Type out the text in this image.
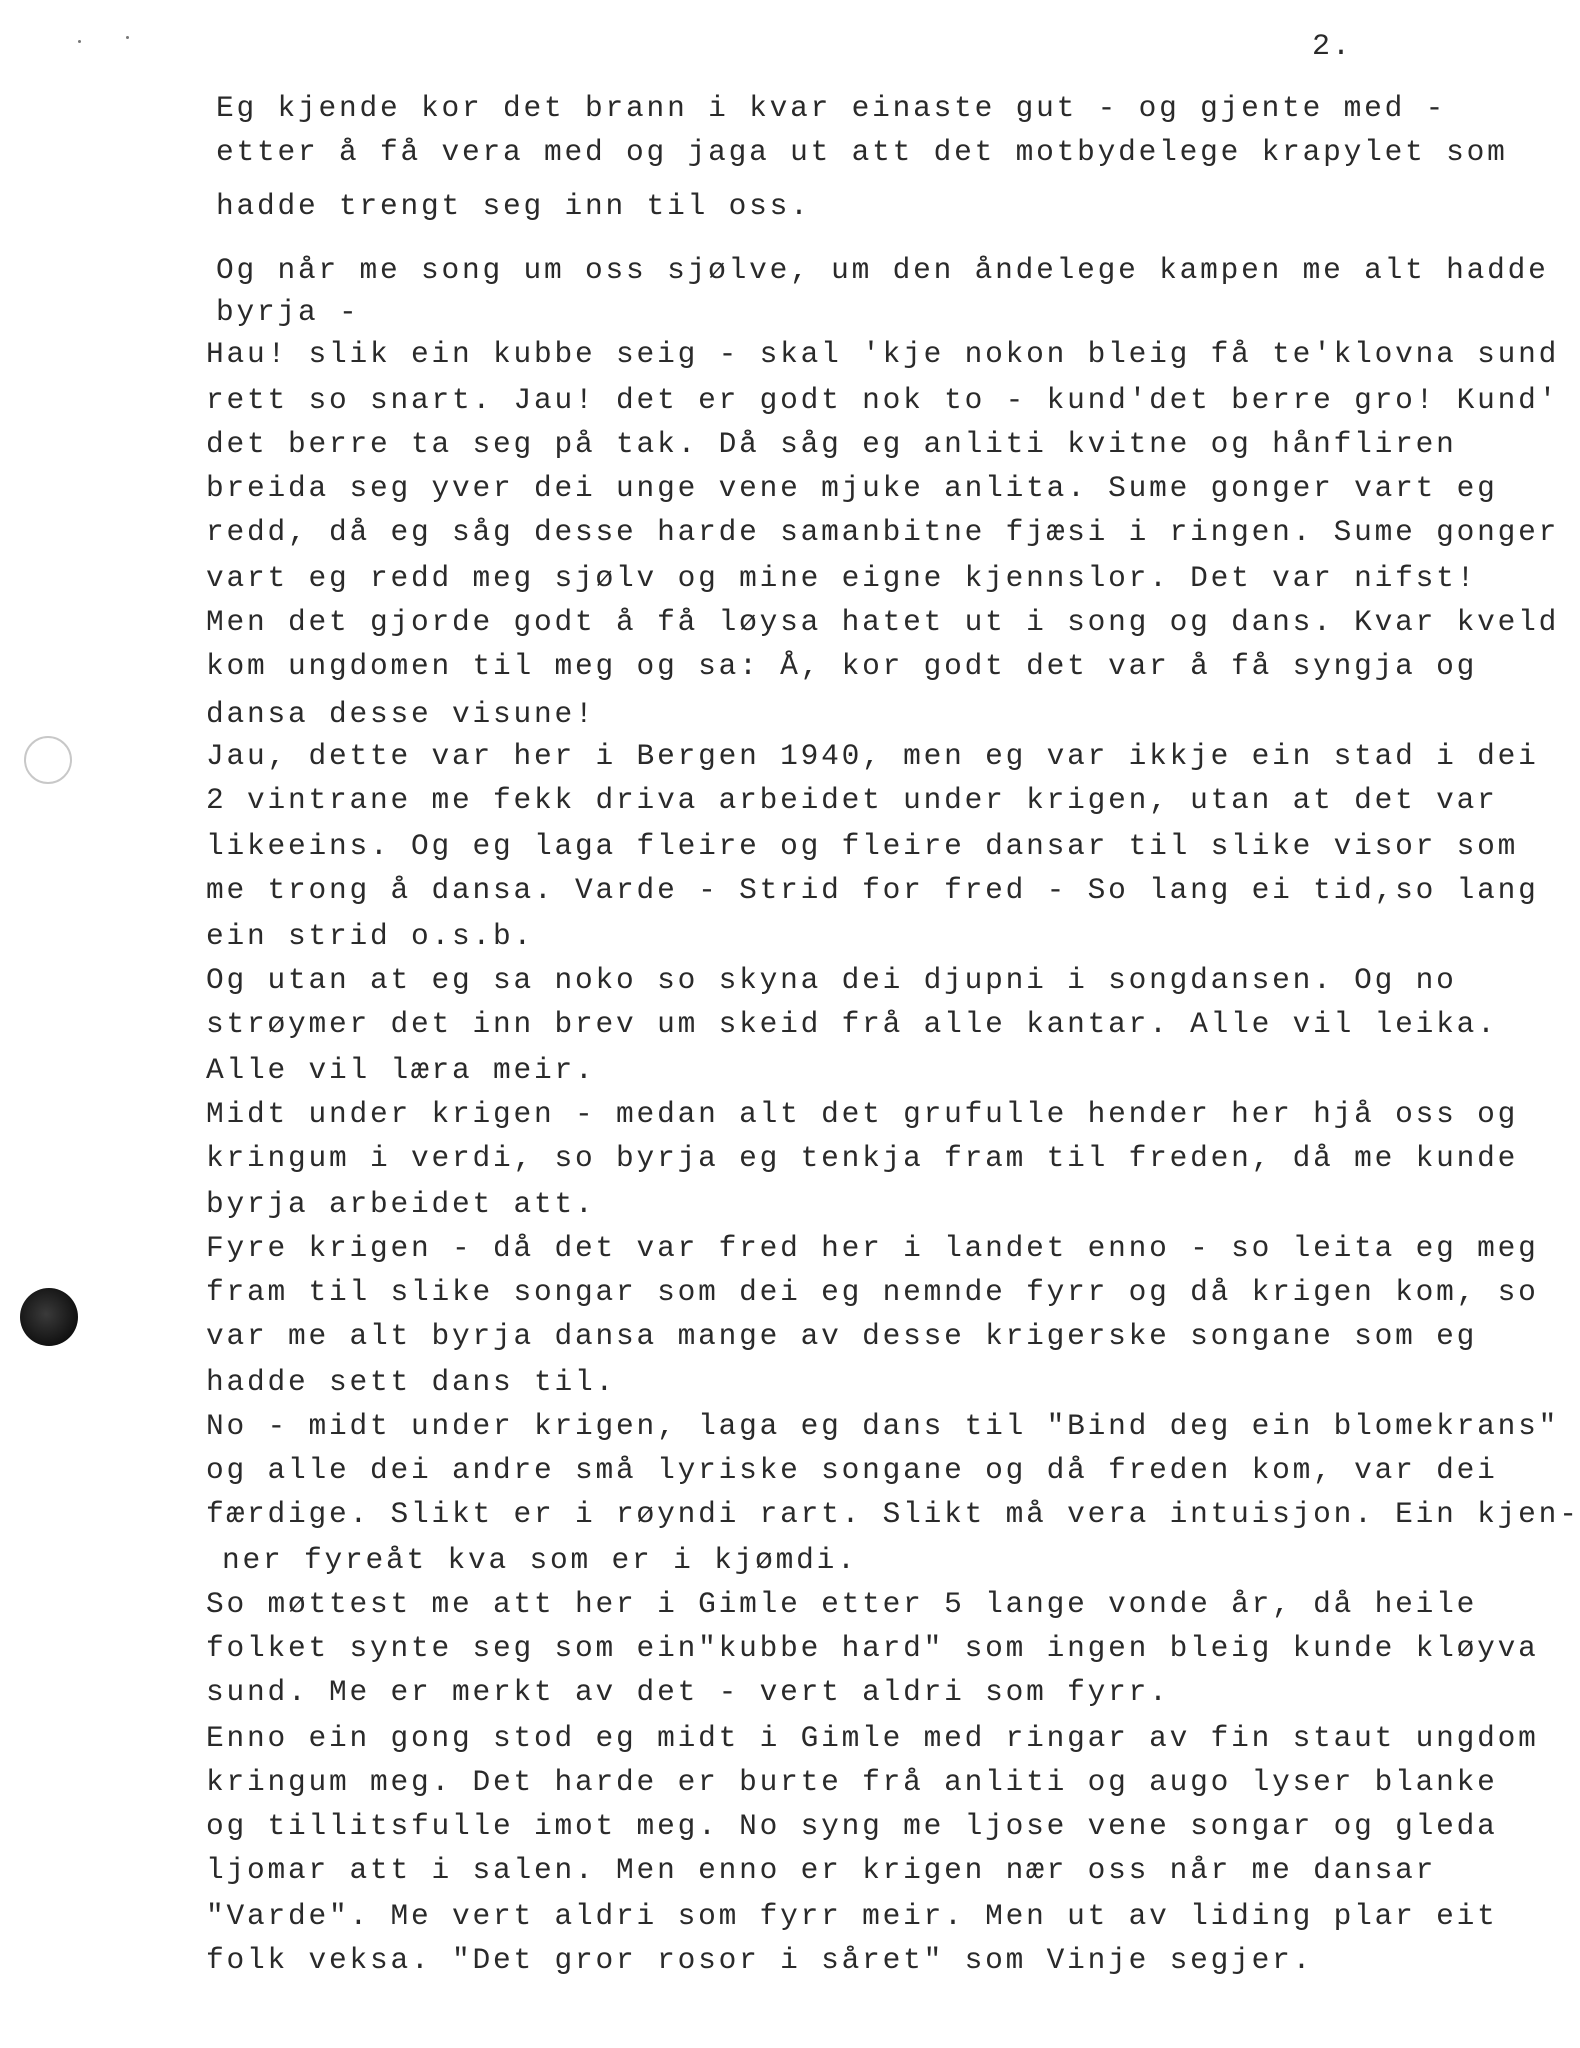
2.
Eg kjende kor det brann i kvar einaste gut - og gjente med -
etter å få vera med og jaga ut att det motbydelege krapylet som
hadde trengt seg inn til oss.
Og når me song um oss sjølve, um den åndelege kampen me alt hadde
byrja -
Hau! slik ein kubbe seig - skal 'kje nokon bleig få te'klovna sund
rett so snart. Jau! det er godt nok to - kund'det berre gro! Kund'
det berre ta seg på tak. Då såg eg anliti kvitne og hånfliren
breida seg yver dei unge vene mjuke anlita. Sume gonger vart eg
redd, då eg såg desse harde samanbitne fjæsi i ringen. Sume gonger
vart eg redd meg sjølv og mine eigne kjennslor. Det var nifst!
Men det gjorde godt å få løysa hatet ut i song og dans. Kvar kveld
kom ungdomen til meg og sa: Å, kor godt det var å få syngja og
dansa desse visune!
Jau, dette var her i Bergen 1940, men eg var ikkje ein stad i dei
2 vintrane me fekk driva arbeidet under krigen, utan at det var
likeeins. Og eg laga fleire og fleire dansar til slike visor som
me trong å dansa. Varde - Strid for fred - So lang ei tid,so lang
ein strid o.s.b.
Og utan at eg sa noko so skyna dei djupni i songdansen. Og no
strøymer det inn brev um skeid frå alle kantar. Alle vil leika.
Alle vil læra meir.
Midt under krigen - medan alt det grufulle hender her hjå oss og
kringum i verdi, so byrja eg tenkja fram til freden, då me kunde
byrja arbeidet att.
Fyre krigen - då det var fred her i landet enno - so leita eg meg
fram til slike songar som dei eg nemnde fyrr og då krigen kom, so
var me alt byrja dansa mange av desse krigerske songane som eg
hadde sett dans til.
No - midt under krigen, laga eg dans til "Bind deg ein blomekrans"
og alle dei andre små lyriske songane og då freden kom, var dei
færdige. Slikt er i røyndi rart. Slikt må vera intuisjon. Ein kjen-
ner fyreåt kva som er i kjømdi.
So møttest me att her i Gimle etter 5 lange vonde år, då heile
folket synte seg som ein"kubbe hard" som ingen bleig kunde kløyva
sund. Me er merkt av det - vert aldri som fyrr.
Enno ein gong stod eg midt i Gimle med ringar av fin staut ungdom
kringum meg. Det harde er burte frå anliti og augo lyser blanke
og tillitsfulle imot meg. No syng me ljose vene songar og gleda
ljomar att i salen. Men enno er krigen nær oss når me dansar
"Varde". Me vert aldri som fyrr meir. Men ut av liding plar eit
folk veksa. "Det gror rosor i såret" som Vinje segjer.
